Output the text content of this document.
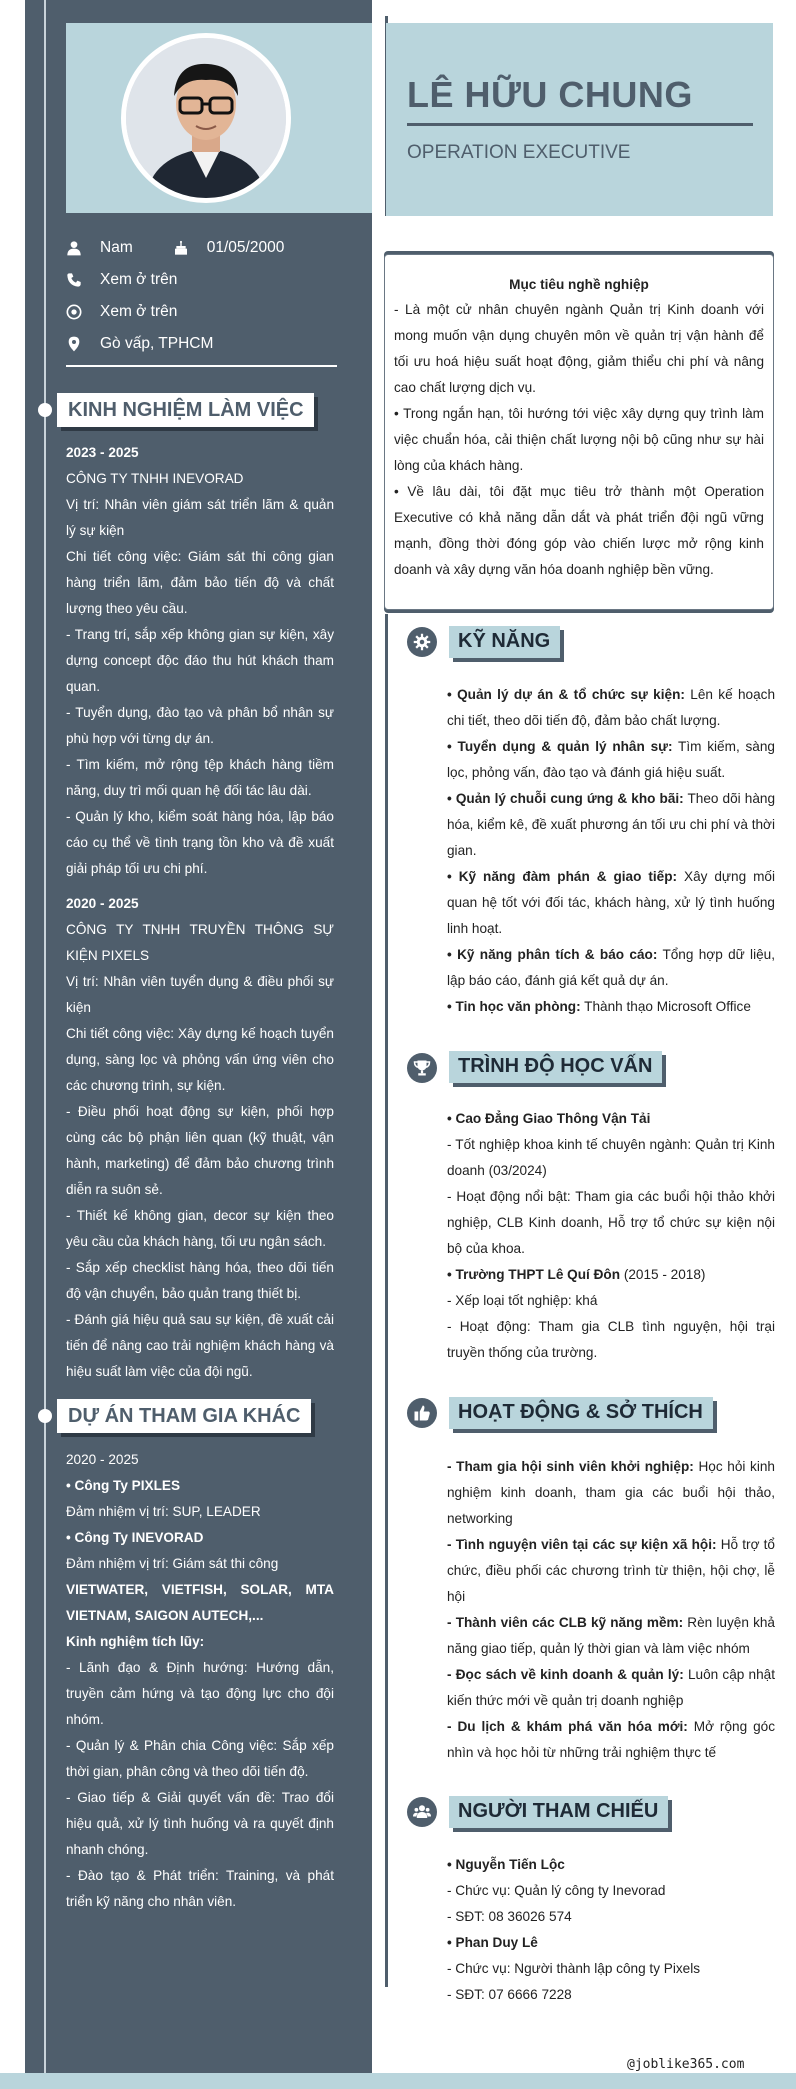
LÊ HỮU CHUNG
OPERATION EXECUTIVE
Nam	01/05/2000
Xem ở trên
Xem ở trên
Gò vấp, TPHCM
KINH NGHIỆM LÀM VIỆC

2023 - 2025

CÔNG TY TNHH INEVORAD

Vị trí: Nhân viên giám sát triển lãm & quản lý sự kiện

Chi tiết công việc: Giám sát thi công gian hàng triển lãm, đảm bảo tiến độ và chất lượng theo yêu cầu.

- Trang trí, sắp xếp không gian sự kiện, xây dựng concept độc đáo thu hút khách tham quan.

- Tuyển dụng, đào tạo và phân bổ nhân sự phù hợp với từng dự án.

- Tìm kiếm, mở rộng tệp khách hàng tiềm năng, duy trì mối quan hệ đối tác lâu dài.

- Quản lý kho, kiểm soát hàng hóa, lập báo cáo cụ thể về tình trạng tồn kho và đề xuất giải pháp tối ưu chi phí.

2020 - 2025

CÔNG TY TNHH TRUYỀN THÔNG SỰ KIỆN PIXELS

Vị trí: Nhân viên tuyển dụng & điều phối sự kiện

Chi tiết công việc: Xây dựng kế hoạch tuyển dụng, sàng lọc và phỏng vấn ứng viên cho các chương trình, sự kiện.

- Điều phối hoạt động sự kiện, phối hợp cùng các bộ phận liên quan (kỹ thuật, vận hành, marketing) để đảm bảo chương trình diễn ra suôn sẻ.

- Thiết kế không gian, decor sự kiện theo yêu cầu của khách hàng, tối ưu ngân sách.

- Sắp xếp checklist hàng hóa, theo dõi tiến độ vận chuyển, bảo quản trang thiết bị.

- Đánh giá hiệu quả sau sự kiện, đề xuất cải tiến để nâng cao trải nghiệm khách hàng và hiệu suất làm việc của đội ngũ.

DỰ ÁN THAM GIA KHÁC

2020 - 2025

• Công Ty PIXLES

Đảm nhiệm vị trí: SUP, LEADER

• Công Ty INEVORAD

Đảm nhiệm vị trí: Giám sát thi công

VIETWATER, VIETFISH, SOLAR, MTA VIETNAM, SAIGON AUTECH,...

Kinh nghiệm tích lũy:

- Lãnh đạo & Định hướng: Hướng dẫn, truyền cảm hứng và tạo động lực cho đội nhóm.

- Quản lý & Phân chia Công việc: Sắp xếp thời gian, phân công và theo dõi tiến độ.

- Giao tiếp & Giải quyết vấn đề: Trao đổi hiệu quả, xử lý tình huống và ra quyết định nhanh chóng.

- Đào tạo & Phát triển: Training, và phát triển kỹ năng cho nhân viên.

Mục tiêu nghề nghiệp

- Là một cử nhân chuyên ngành Quản trị Kinh doanh với mong muốn vận dụng chuyên môn về quản trị vận hành để tối ưu hoá hiệu suất hoạt động, giảm thiểu chi phí và nâng cao chất lượng dịch vụ.

• Trong ngắn hạn, tôi hướng tới việc xây dựng quy trình làm việc chuẩn hóa, cải thiện chất lượng nội bộ cũng như sự hài lòng của khách hàng.

• Về lâu dài, tôi đặt mục tiêu trở thành một Operation Executive có khả năng dẫn dắt và phát triển đội ngũ vững mạnh, đồng thời đóng góp vào chiến lược mở rộng kinh doanh và xây dựng văn hóa doanh nghiệp bền vững.

KỸ NĂNG

• Quản lý dự án & tổ chức sự kiện: Lên kế hoạch chi tiết, theo dõi tiến độ, đảm bảo chất lượng.

• Tuyển dụng & quản lý nhân sự: Tìm kiếm, sàng lọc, phỏng vấn, đào tạo và đánh giá hiệu suất.

• Quản lý chuỗi cung ứng & kho bãi: Theo dõi hàng hóa, kiểm kê, đề xuất phương án tối ưu chi phí và thời gian.

• Kỹ năng đàm phán & giao tiếp: Xây dựng mối quan hệ tốt với đối tác, khách hàng, xử lý tình huống linh hoạt.

• Kỹ năng phân tích & báo cáo: Tổng hợp dữ liệu, lập báo cáo, đánh giá kết quả dự án.

• Tin học văn phòng: Thành thạo Microsoft Office

TRÌNH ĐỘ HỌC VẤN

• Cao Đẳng Giao Thông Vận Tải

- Tốt nghiệp khoa kinh tế chuyên ngành: Quản trị Kinh doanh (03/2024)

- Hoạt động nổi bật: Tham gia các buổi hội thảo khởi nghiệp, CLB Kinh doanh, Hỗ trợ tổ chức sự kiện nội bộ của khoa.

• Trường THPT Lê Quí Đôn (2015 - 2018)

- Xếp loại tốt nghiệp: khá

- Hoạt động: Tham gia CLB tình nguyện, hội trại truyền thống của trường.

HOẠT ĐỘNG & SỞ THÍCH

- Tham gia hội sinh viên khởi nghiệp: Học hỏi kinh nghiệm kinh doanh, tham gia các buổi hội thảo, networking

- Tình nguyện viên tại các sự kiện xã hội: Hỗ trợ tổ chức, điều phối các chương trình từ thiện, hội chợ, lễ hội

- Thành viên các CLB kỹ năng mềm: Rèn luyện khả năng giao tiếp, quản lý thời gian và làm việc nhóm

- Đọc sách về kinh doanh & quản lý: Luôn cập nhật kiến thức mới về quản trị doanh nghiệp

- Du lịch & khám phá văn hóa mới: Mở rộng góc nhìn và học hỏi từ những trải nghiệm thực tế

NGƯỜI THAM CHIẾU

• Nguyễn Tiến Lộc

- Chức vụ: Quản lý công ty Inevorad

- SĐT: 08 36026 574

• Phan Duy Lê

- Chức vụ: Người thành lập công ty Pixels

- SĐT: 07 6666 7228

@joblike365.com
